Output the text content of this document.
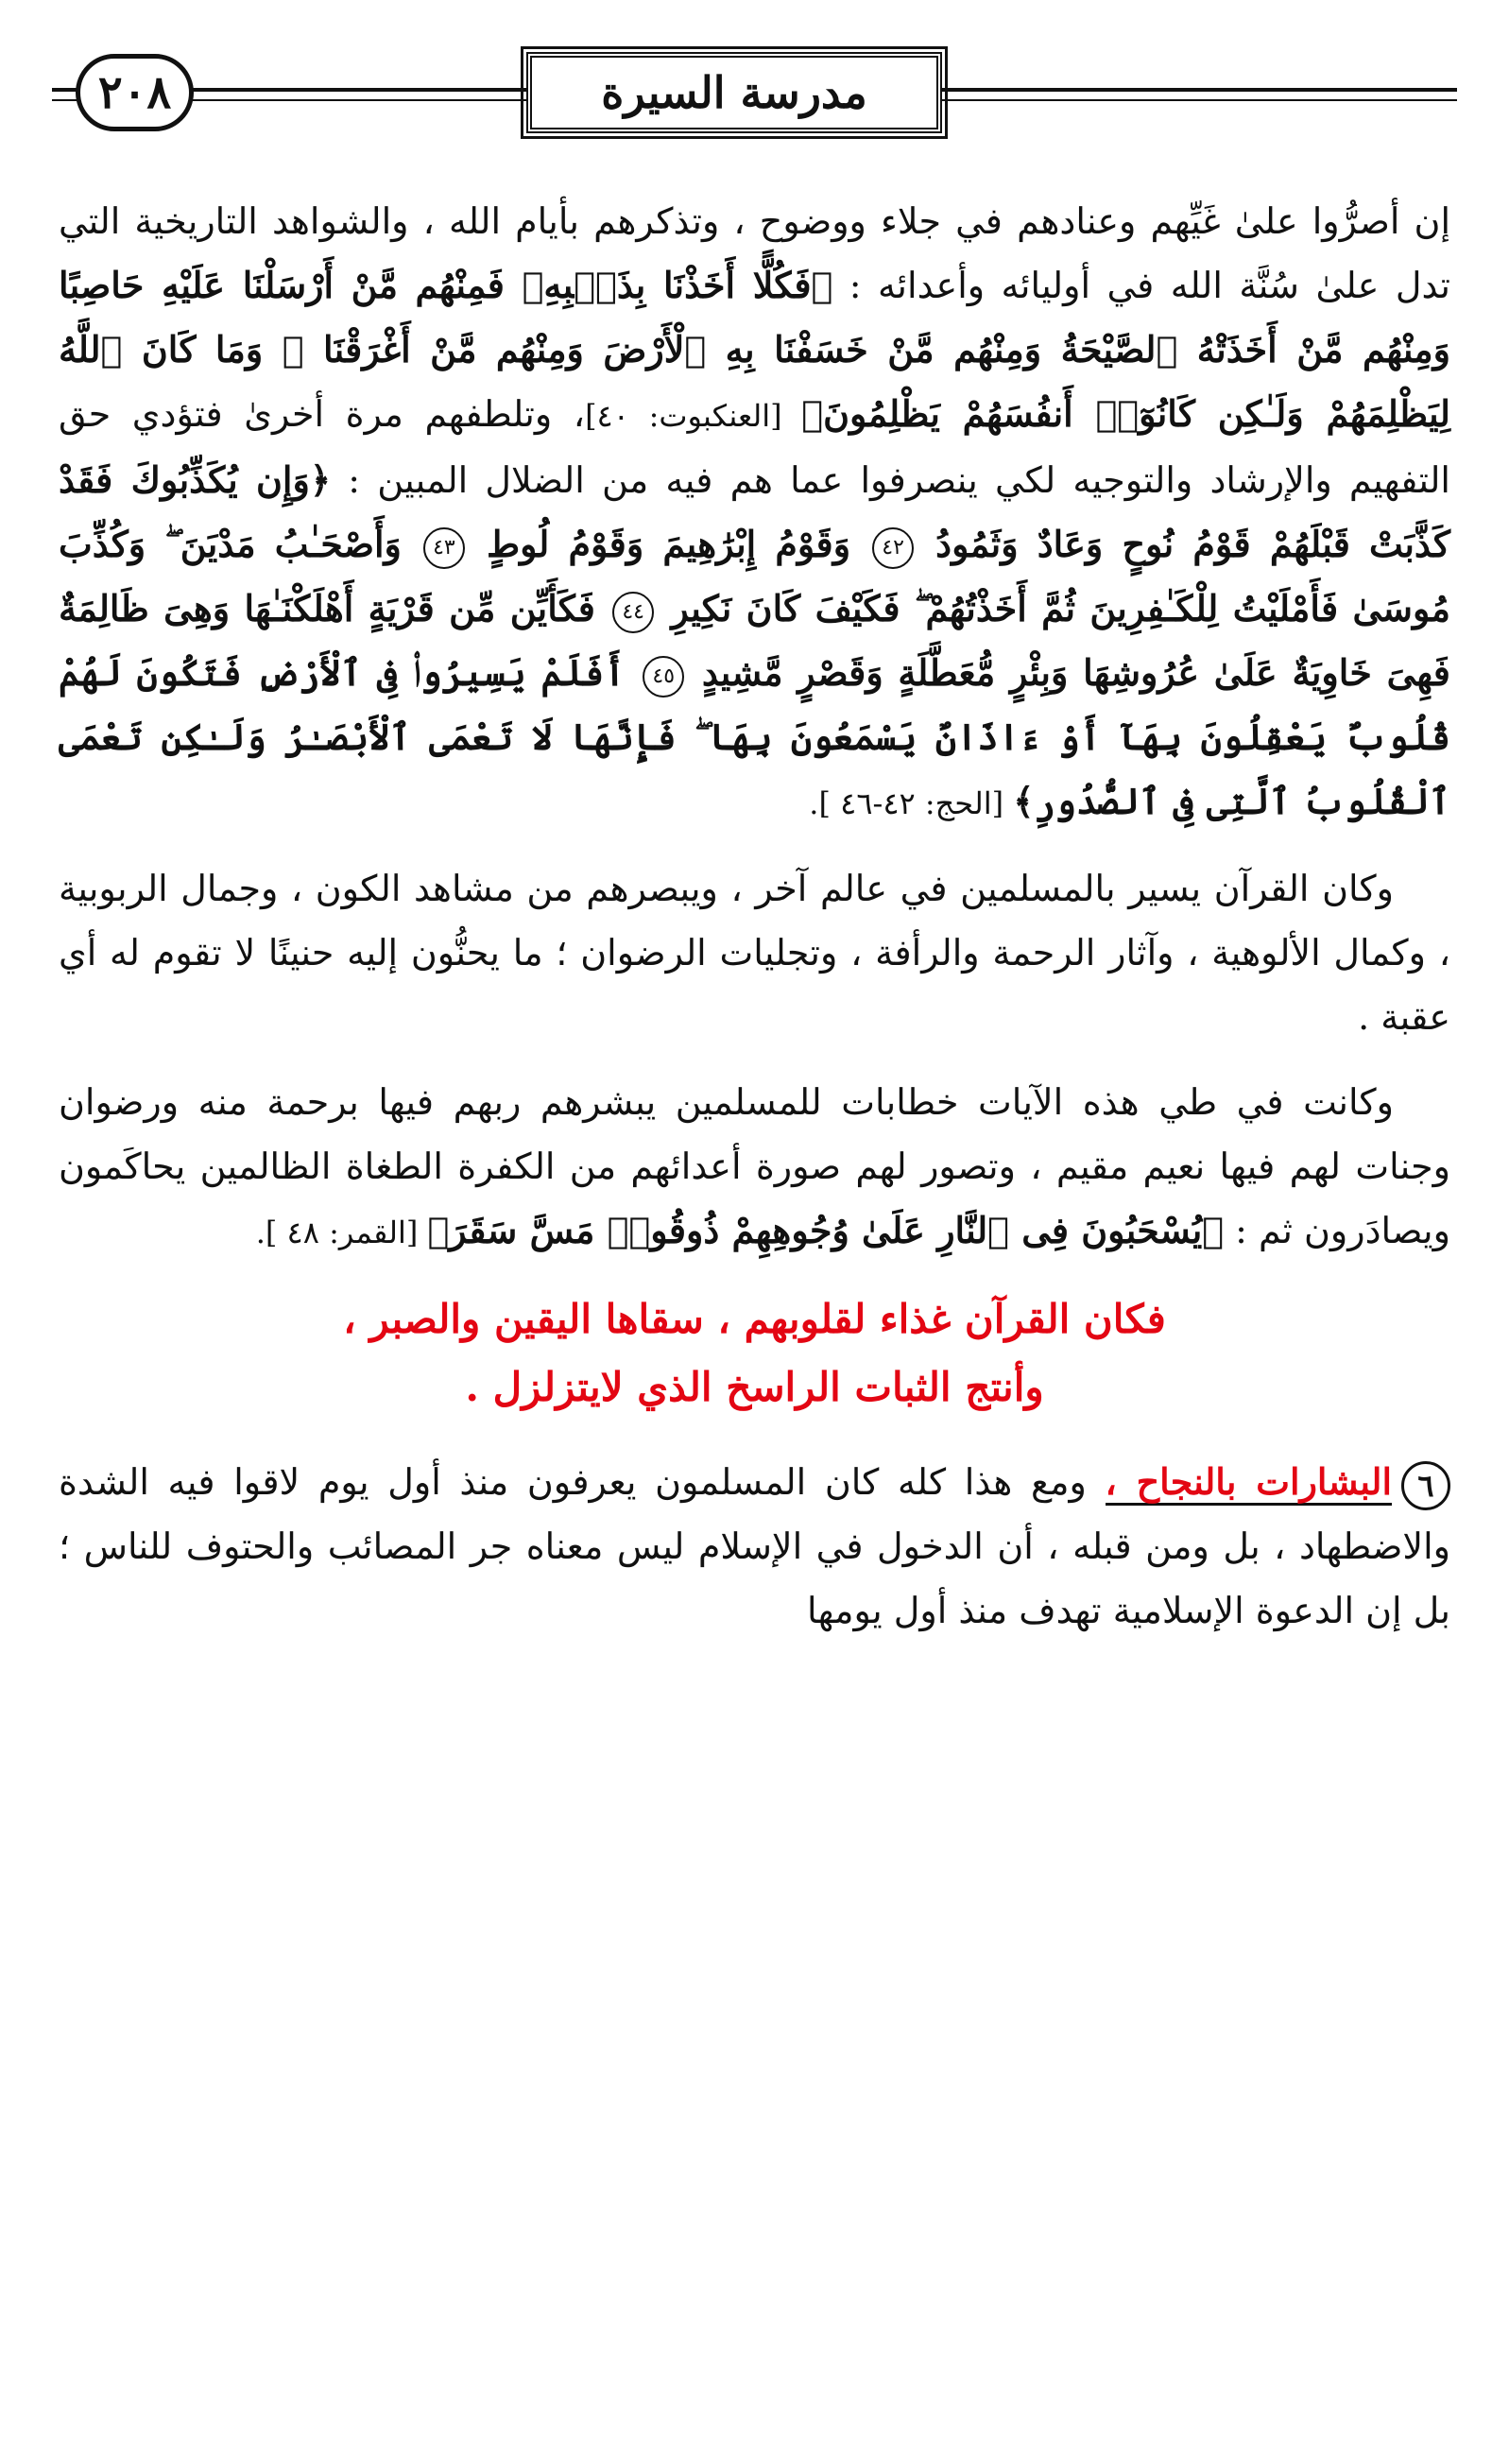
٢٠٨	مدرسة السيرة

إن أصرُّوا علىٰ غَيِّهم وعنادهم في جلاء ووضوح ، وتذكرهم بأيام الله ، والشواهد التاريخية التي تدل علىٰ سُنَّة الله في أوليائه وأعدائه : ﴿فَكُلًّا أَخَذْنَا بِذَنۢبِهِۦ فَمِنْهُم مَّنْ أَرْسَلْنَا عَلَيْهِ حَاصِبًا وَمِنْهُم مَّنْ أَخَذَتْهُ ٱلصَّيْحَةُ وَمِنْهُم مَّنْ خَسَفْنَا بِهِ ٱلْأَرْضَ وَمِنْهُم مَّنْ أَغْرَقْنَا ۚ وَمَا كَانَ ٱللَّهُ لِيَظْلِمَهُمْ وَلَـٰكِن كَانُوٓا۟ أَنفُسَهُمْ يَظْلِمُونَ﴾ [العنكبوت: ٤٠]، وتلطفهم مرة أخرىٰ فتؤدي حق التفهيم والإرشاد والتوجيه لكي ينصرفوا عما هم فيه من الضلال المبين : ﴿وَإِن يُكَذِّبُوكَ فَقَدْ كَذَّبَتْ قَبْلَهُمْ قَوْمُ نُوحٍ وَعَادٌ وَثَمُودُ ٤٢ وَقَوْمُ إِبْرَٰهِيمَ وَقَوْمُ لُوطٍ ٤٣ وَأَصْحَـٰبُ مَدْيَنَ ۖ وَكُذِّبَ مُوسَىٰ فَأَمْلَيْتُ لِلْكَـٰفِرِينَ ثُمَّ أَخَذْتُهُمْ ۖ فَكَيْفَ كَانَ نَكِيرِ ٤٤ فَكَأَيِّن مِّن قَرْيَةٍ أَهْلَكْنَـٰهَا وَهِىَ ظَالِمَةٌ فَهِىَ خَاوِيَةٌ عَلَىٰ عُرُوشِهَا وَبِئْرٍ مُّعَطَّلَةٍ وَقَصْرٍ مَّشِيدٍ ٤٥ أَفَلَمْ يَسِيرُوا۟ فِى ٱلْأَرْضِ فَتَكُونَ لَهُمْ قُلُوبٌ يَعْقِلُونَ بِهَآ أَوْ ءَاذَانٌ يَسْمَعُونَ بِهَا ۖ فَإِنَّهَا لَا تَعْمَى ٱلْأَبْصَـٰرُ وَلَـٰكِن تَعْمَى ٱلْقُلُوبُ ٱلَّتِى فِى ٱلصُّدُورِ﴾ [الحج: ٤٢-٤٦ ].

وكان القرآن يسير بالمسلمين في عالم آخر ، ويبصرهم من مشاهد الكون ، وجمال الربوبية ، وكمال الألوهية ، وآثار الرحمة والرأفة ، وتجليات الرضوان ؛ ما يحنُّون إليه حنينًا لا تقوم له أي عقبة .

وكانت في طي هذه الآيات خطابات للمسلمين يبشرهم ربهم فيها برحمة منه ورضوان وجنات لهم فيها نعيم مقيم ، وتصور لهم صورة أعدائهم من الكفرة الطغاة الظالمين يحاكَمون ويصادَرون ثم : ﴿يُسْحَبُونَ فِى ٱلنَّارِ عَلَىٰ وُجُوهِهِمْ ذُوقُوا۟ مَسَّ سَقَرَ﴾ [القمر: ٤٨ ].

فكان القرآن غذاء لقلوبهم ، سقاها اليقين والصبر ،
وأنتج الثبات الراسخ الذي لايتزلزل .

٦البشارات بالنجاح ، ومع هذا كله كان المسلمون يعرفون منذ أول يوم لاقوا فيه الشدة والاضطهاد ، بل ومن قبله ، أن الدخول في الإسلام ليس معناه جر المصائب والحتوف للناس ؛ بل إن الدعوة الإسلامية تهدف منذ أول يومها
